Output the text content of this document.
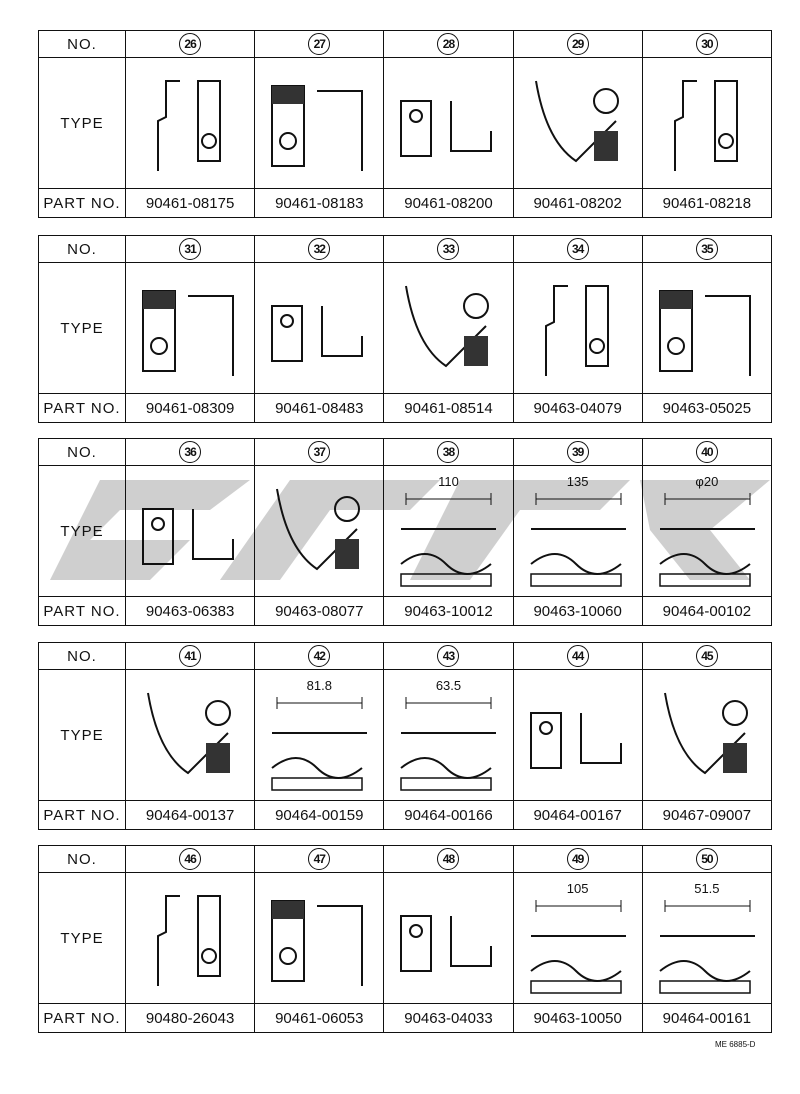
NO.	26	27	28	29	30
TYPE	

PART NO.	90461-08175	90461-08183	90461-08200	90461-08202	90461-08218
NO.	31	32	33	34	35
TYPE	

PART NO.	90461-08309	90461-08483	90461-08514	90463-04079	90463-05025
NO.	36	37	38	39	40
TYPE			110	135	φ20

PART NO.	90463-06383	90463-08077	90463-10012	90463-10060	90464-00102
NO.	41	42	43	44	45
TYPE		81.8	63.5

PART NO.	90464-00137	90464-00159	90464-00166	90464-00167	90467-09007
NO.	46	47	48	49	50
TYPE				105	51.5

PART NO.	90480-26043	90461-06053	90463-04033	90463-10050	90464-00161
ME 6885-D
